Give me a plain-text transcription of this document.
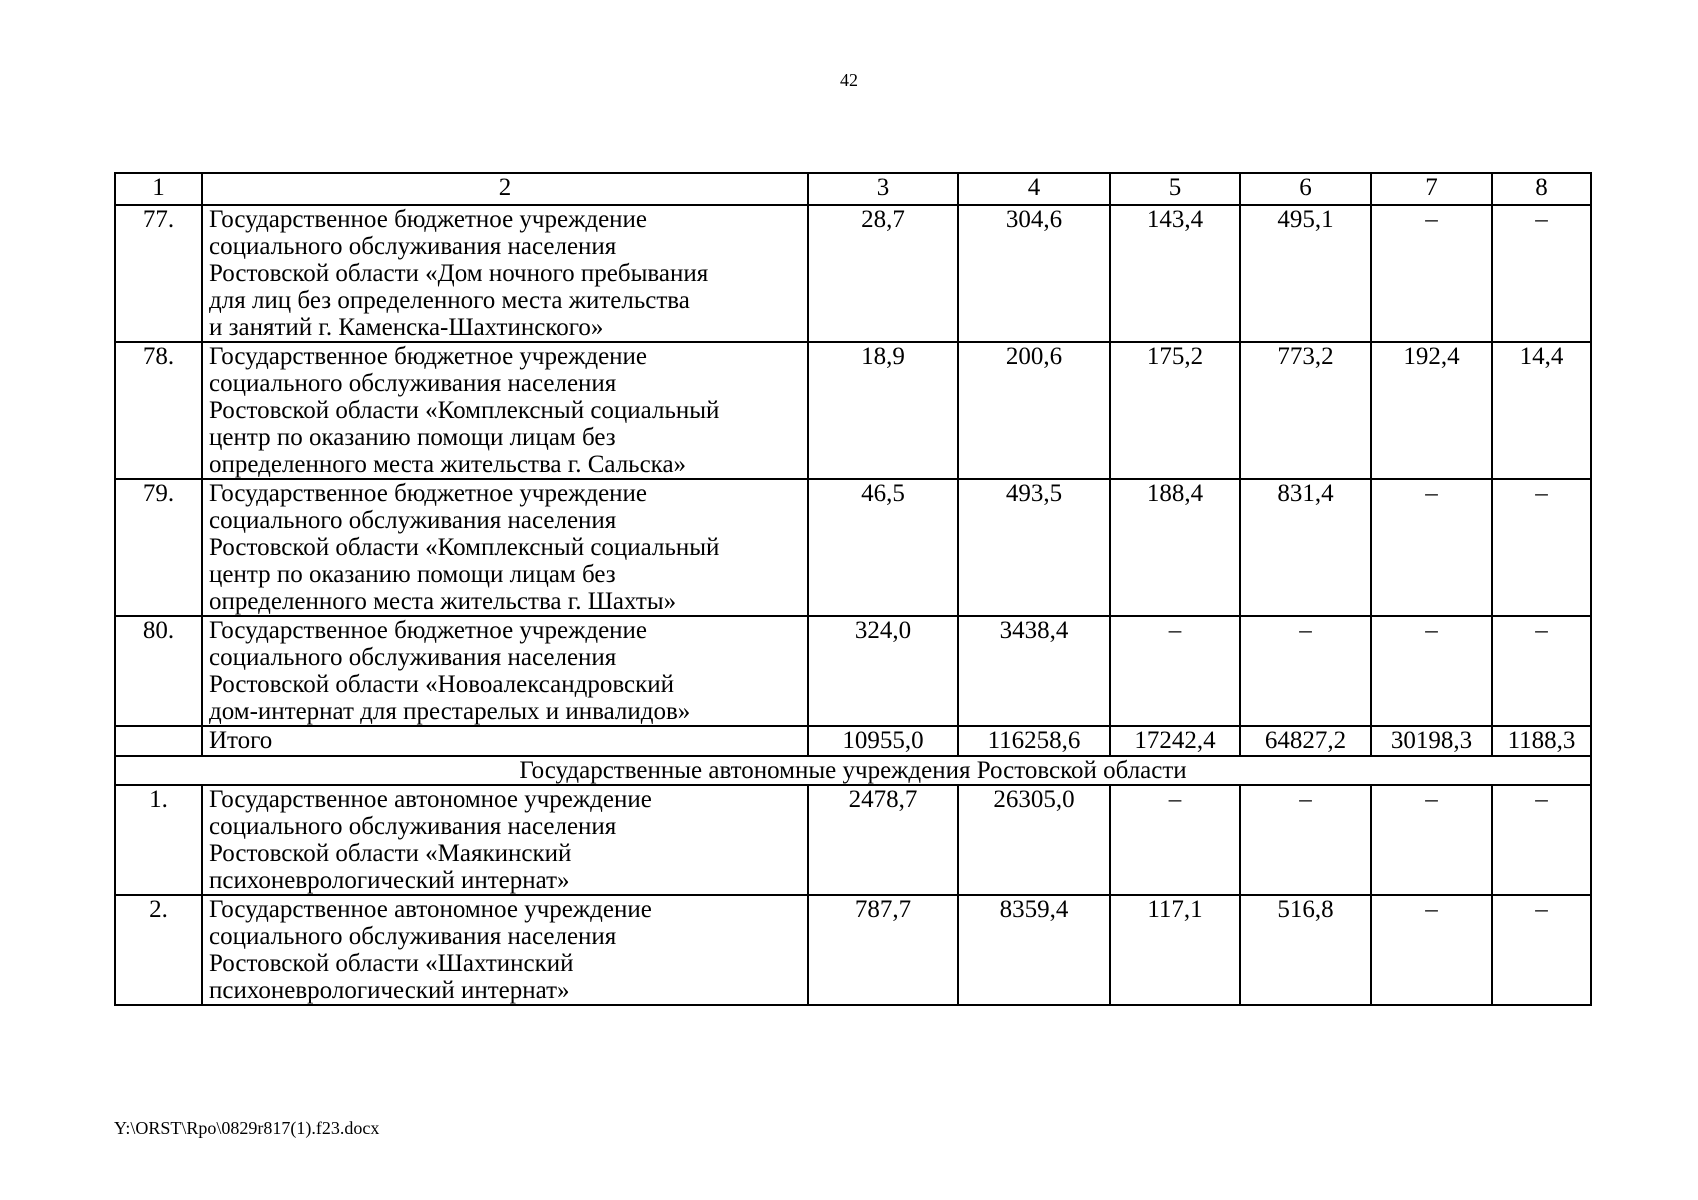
42
1	2	3	4	5	6	7	8
77.	Государственное бюджетное учреждение
социального обслуживания населения
Ростовской области «Дом ночного пребывания
для лиц без определенного места жительства
и занятий г. Каменска-Шахтинского»	28,7	304,6	143,4	495,1	–	–
78.	Государственное бюджетное учреждение
социального обслуживания населения
Ростовской области «Комплексный социальный
центр по оказанию помощи лицам без
определенного места жительства г. Сальска»	18,9	200,6	175,2	773,2	192,4	14,4
79.	Государственное бюджетное учреждение
социального обслуживания населения
Ростовской области «Комплексный социальный
центр по оказанию помощи лицам без
определенного места жительства г. Шахты»	46,5	493,5	188,4	831,4	–	–
80.	Государственное бюджетное учреждение
социального обслуживания населения
Ростовской области «Новоалександровский
дом-интернат для престарелых и инвалидов»	324,0	3438,4	–	–	–	–
	Итого	10955,0	116258,6	17242,4	64827,2	30198,3	1188,3
Государственные автономные учреждения Ростовской области							
1.	Государственное автономное учреждение
социального обслуживания населения
Ростовской области «Маякинский
психоневрологический интернат»	2478,7	26305,0	–	–	–	–
2.	Государственное автономное учреждение
социального обслуживания населения
Ростовской области «Шахтинский
психоневрологический интернат»	787,7	8359,4	117,1	516,8	–	–
Y:\ORST\Rpo\0829r817(1).f23.docx
